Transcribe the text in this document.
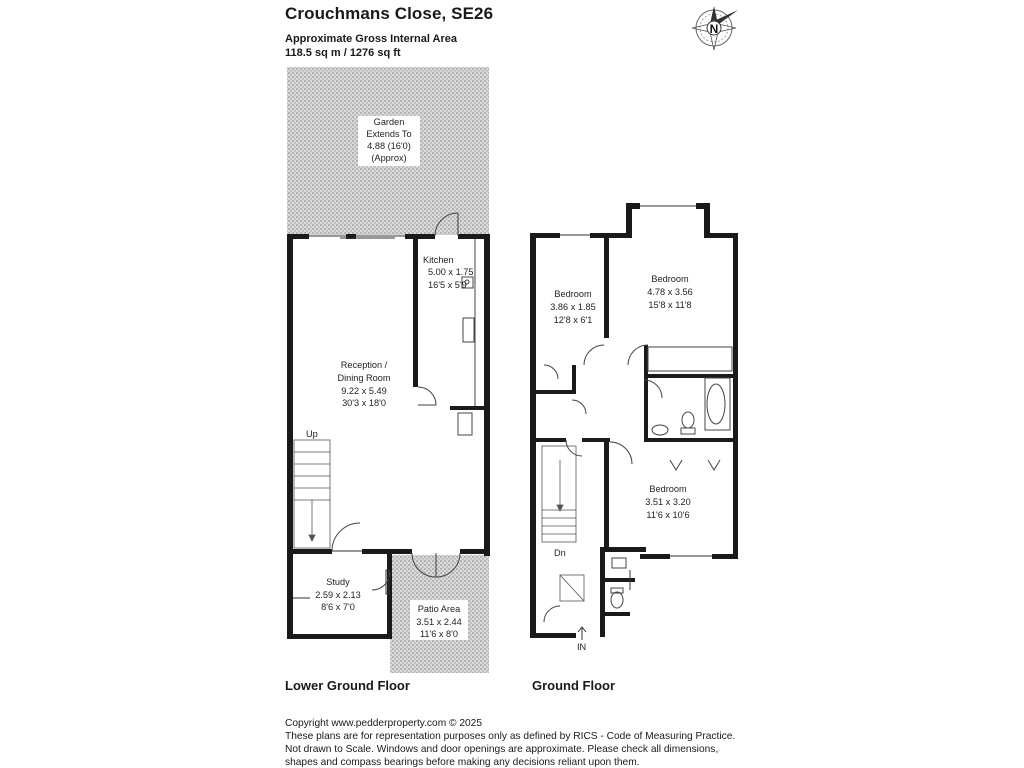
Crouchmans Close, SE26
Approximate Gross Internal Area
118.5 sq m / 1276 sq ft
N
Garden
Extends To
4.88 (16'0)
(Approx)
Kitchen
5.00 x 1.75
16'5 x 5'9
Reception /
Dining Room
9.22 x 5.49
30'3 x 18'0
Up
Study
2.59 x 2.13
8'6 x 7'0	Patio Area
3.51 x 2.44
11'6 x 8'0
Bedroom
3.86 x 1.85
12'8 x 6'1
Bedroom
4.78 x 3.56
15'8 x 11'8
Bedroom
3.51 x 3.20
11'6 x 10'6
Dn
IN
Lower Ground Floor	Ground Floor
Copyright www.pedderproperty.com © 2025
These plans are for representation purposes only as defined by RICS - Code of Measuring Practice.
Not drawn to Scale. Windows and door openings are approximate. Please check all dimensions,
shapes and compass bearings before making any decisions reliant upon them.
